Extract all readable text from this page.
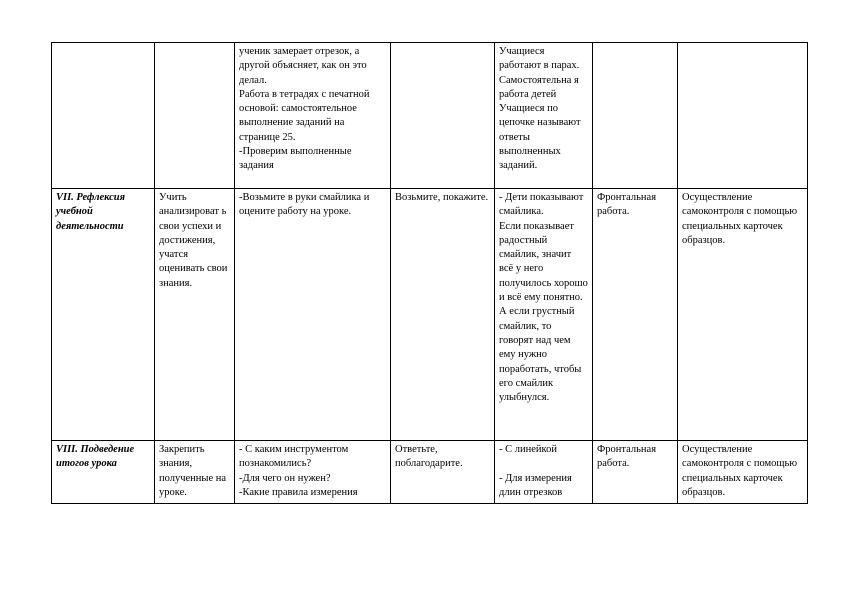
		ученик замерает отрезок, а другой объясняет, как он это делал.
Работа в тетрадях с печатной основой: самостоятельное выполнение заданий на странице 25.
-Проверим выполненные задания		Учащиеся работают в парах.
Самостоятельна я работа детей
Учащиеся по цепочке называют ответы выполненных заданий.		
VII. Рефлексия учебной деятельности	Учить анализироват ь свои успехи и достижения, учатся оценивать свои знания.	-Возьмите в руки смайлика и оцените работу на уроке.	Возьмите, покажите.	- Дети показывают смайлика.
Если показывает радостный смайлик, значит всё у него получилось хорошо и всё ему понятно. А если грустный смайлик, то говорят над чем ему нужно поработать, чтобы его смайлик улыбнулся.	Фронтальная работа.	Осуществление самоконтроля с помощью специальных карточек образцов.
VIII. Подведение итогов урока	Закрепить знания, полученные на уроке.	- С каким инструментом познакомились?
-Для чего он нужен?
-Какие правила измерения	Ответьте, поблагодарите.	- С линейкой

- Для измерения длин отрезков	Фронтальная работа.	Осуществление самоконтроля с помощью специальных карточек образцов.
